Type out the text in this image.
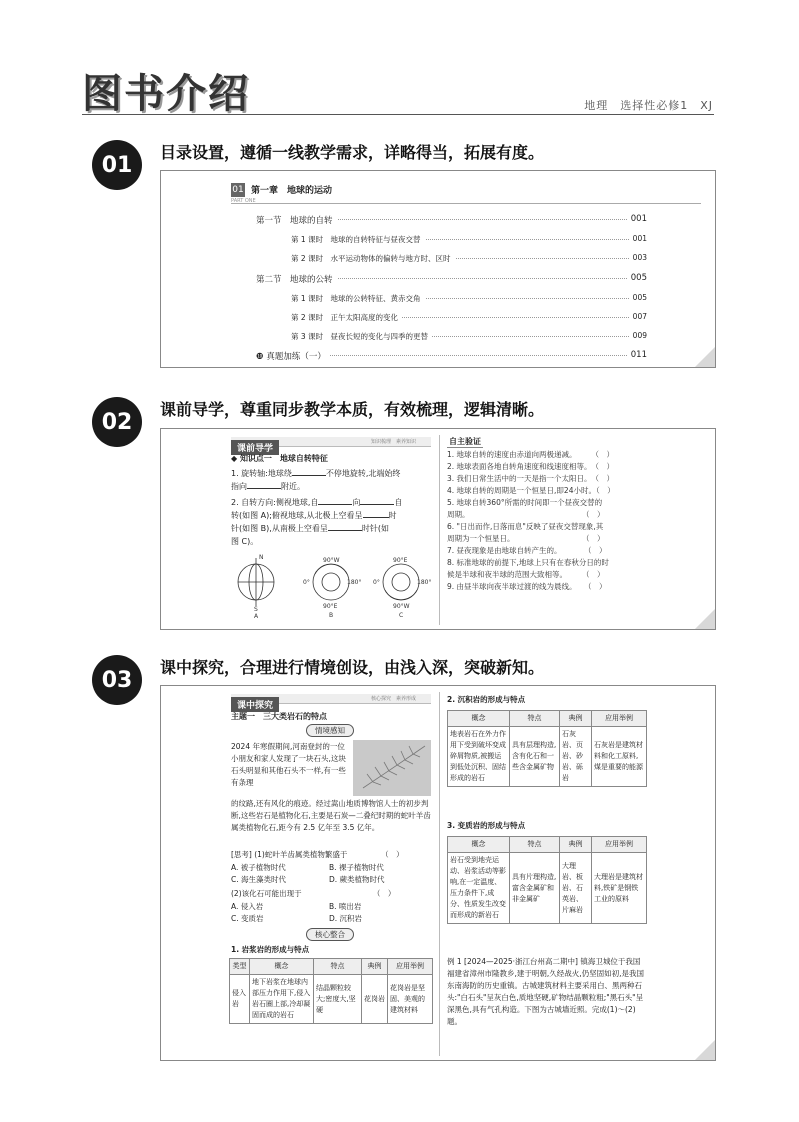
图书介绍	地理　选择性必修1　XJ
01	目录设置，遵循一线教学需求，详略得当，拓展有度。
01 第一章　地球的运动
PART ONE
第一节　地球的自转	001
第 1 课时　地球的自转特征与昼夜交替	001
第 2 课时　水平运动物体的偏转与地方时、区时	003
第二节　地球的公转	005
第 1 课时　地球的公转特征、黄赤交角	005
第 2 课时　正午太阳高度的变化	007
第 3 课时　昼夜长短的变化与四季的更替	009
❿ 真题加练（一）	011
02	课前导学，尊重同步教学本质，有效梳理，逻辑清晰。
课前导学
知识梳理　素养知识
◆ 知识点一　地球自转特征
1. 旋转轴:地球绕	不停地旋转,北端始终
指向	附近。
2. 自转方向:侧视地球,自	向	自
转(如图 A);俯视地球,从北极上空看呈	时
针(如图 B),从南极上空看呈	时针(如
图 C)。
N
S
A
90°W
0°	180°
90°E
B
90°E
0°	180°
90°W
C
自主验证
1. 地球自转的速度由赤道向两极递减。　　　（　）
2. 地球表面各地自转角速度和线速度相等。　（　）
3. 我们日常生活中的一天是指一个太阳日。　（　）
4. 地球自转的周期是一个恒星日,即24小时。（　）
5. 地球自转360°所需的时间即一个昼夜交替的
周期。　　　　　　　　　　　　　　　　（　）
6. "日出而作,日落而息"反映了昼夜交替现象,其
周期为一个恒星日。　　　　　　　　　　（　）
7. 昼夜现象是由地球自转产生的。　　　　（　）
8. 标准地球的前提下,地球上只有在春秋分日的时
候是半球和夜半球的范围大致相等。　　　（　）
9. 由昼半球向夜半球过渡的线为晨线。　　（　）
03	课中探究，合理进行情境创设，由浅入深，突破新知。
课中探究
核心探究　素养形成
主题一　三大类岩石的特点
情境感知
2024 年寒假期间,河南登封的一位小朋友和家人发现了一块石头,这块石头明显和其他石头不一样,有一些有条理
的纹路,还有风化的痕迹。经过嵩山地质博物馆人士的初步判断,这些岩石是植物化石,主要是石炭—二叠纪时期的蛇叶羊齿属类植物化石,距今有 2.5 亿年至 3.5 亿年。
[思考] (1)蛇叶羊齿属类植物繁盛于　　　　　（　）
A. 被子植物时代	B. 裸子植物时代
C. 海生藻类时代	D. 蕨类植物时代
(2)该化石可能出现于　　　　　　　　　　（　）
A. 侵入岩	B. 喷出岩
C. 变质岩	D. 沉积岩
核心整合
1. 岩浆岩的形成与特点
类型	概念	特点	典例	应用举例
侵入岩	地下岩浆在地球内部压力作用下,侵入岩石圈上部,冷却凝固而成的岩石	结晶颗粒较大;密度大,坚硬	花岗岩	花岗岩是坚固、美观的建筑材料
2. 沉积岩的形成与特点
概念	特点	典例	应用举例
地表岩石在外力作用下受到破坏变成碎屑物质,被搬运到低处沉积、固结形成的岩石	具有层理构造,含有化石和一些含金属矿物	石灰岩、页岩、砂岩、砾岩	石灰岩是建筑材料和化工原料,煤是重要的能源
3. 变质岩的形成与特点
概念	特点	典例	应用举例
岩石受到地壳运动、岩浆活动等影响,在一定温度、压力条件下,成分、性质发生改变而形成的新岩石	具有片理构造,富含金属矿和非金属矿	大理岩、板岩、石英岩、片麻岩	大理岩是建筑材料,铁矿是钢铁工业的原料
例 1 [2024—2025·浙江台州高二期中] 镇海卫城位于我国福建省漳州市隆教乡,建于明朝,久经战火,仍坚固如初,是我国东南海防的历史重镇。古城建筑材料主要采用白、黑两种石头:"白石头"呈灰白色,质地坚硬,矿物结晶颗粒粗;"黑石头"呈深黑色,具有气孔构造。下图为古城墙近照。完成(1)～(2)题。
